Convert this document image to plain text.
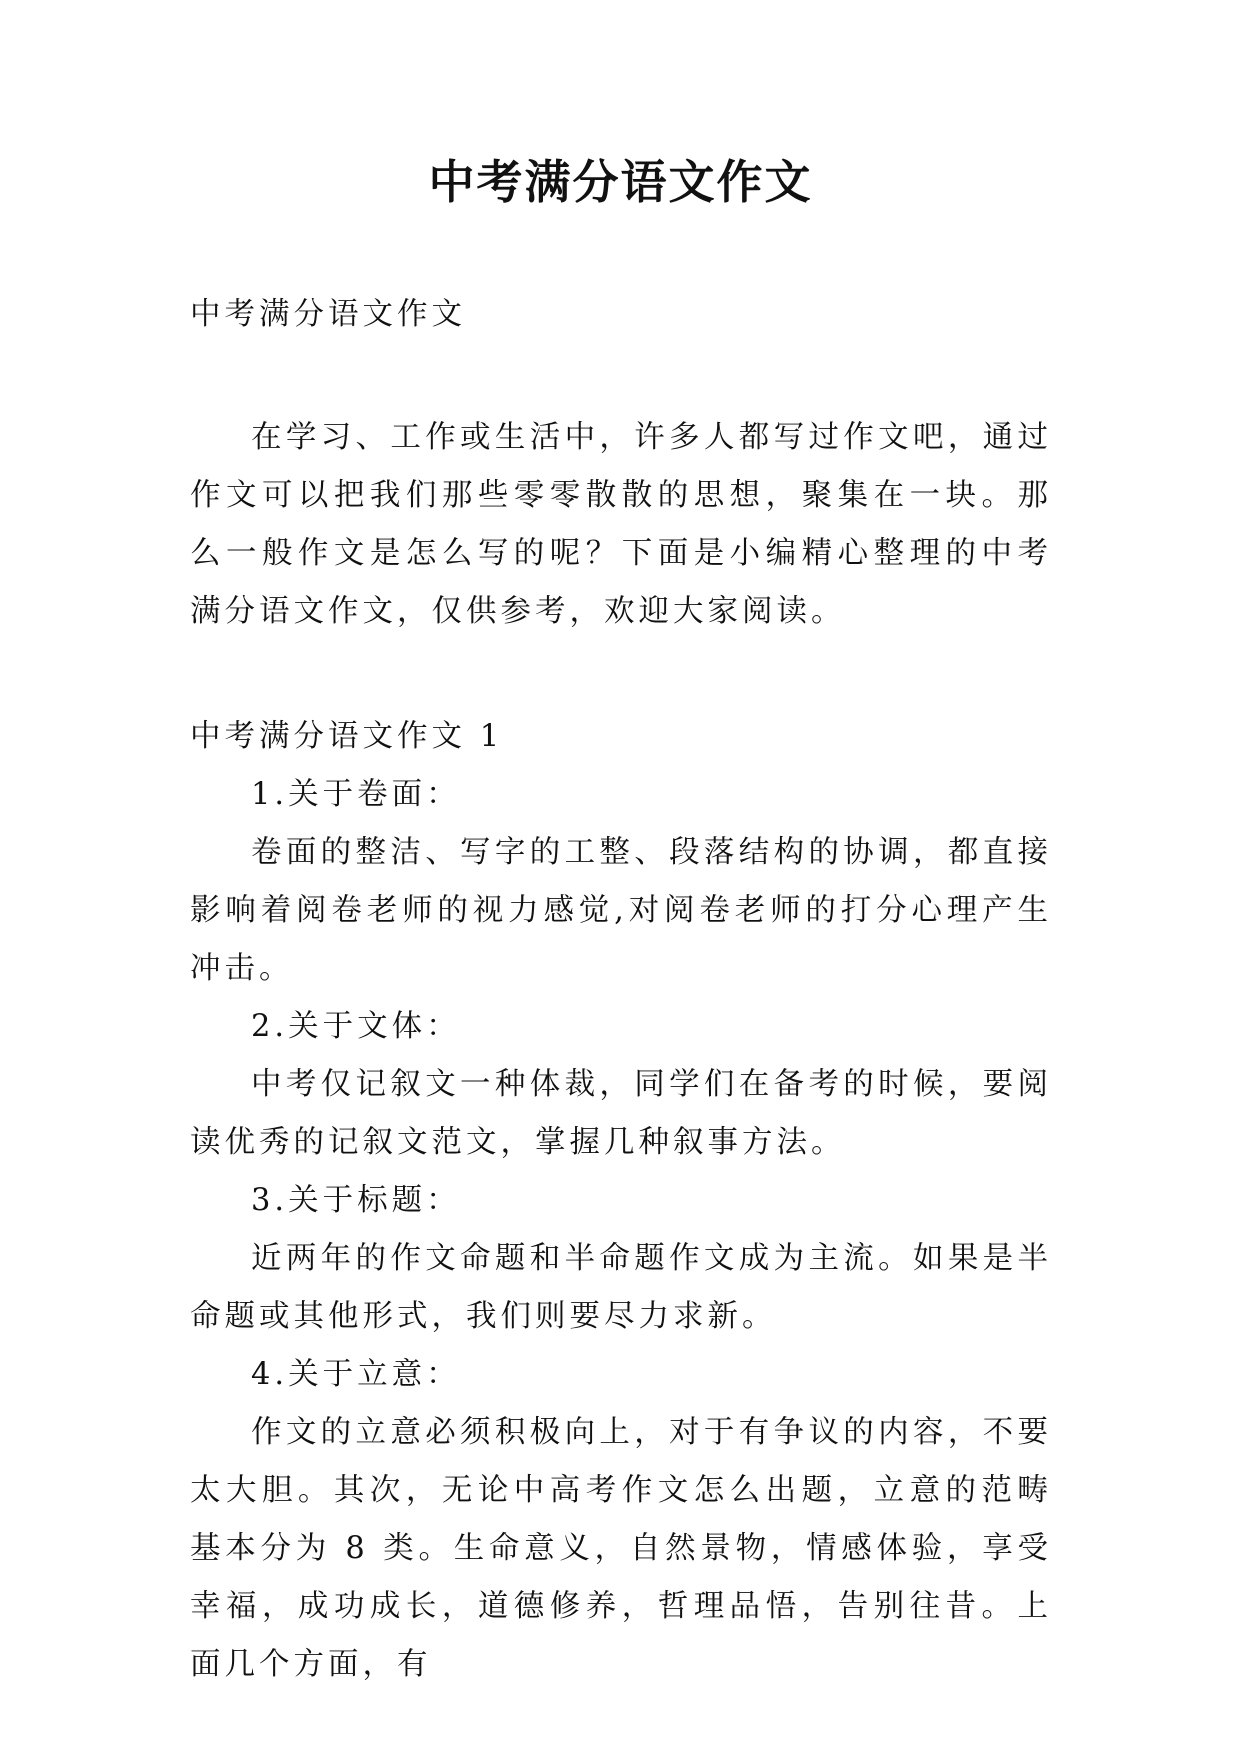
中考满分语文作文

中考满分语文作文

在学习、工作或生活中，许多人都写过作文吧，通过作文可以把我们那些零零散散的思想，聚集在一块。那么一般作文是怎么写的呢？下面是小编精心整理的中考满分语文作文，仅供参考，欢迎大家阅读。

中考满分语文作文 1

1.关于卷面：

卷面的整洁、写字的工整、段落结构的协调，都直接影响着阅卷老师的视力感觉,对阅卷老师的打分心理产生冲击。

2.关于文体：

中考仅记叙文一种体裁，同学们在备考的时候，要阅读优秀的记叙文范文，掌握几种叙事方法。

3.关于标题：

近两年的作文命题和半命题作文成为主流。如果是半命题或其他形式，我们则要尽力求新。

4.关于立意：

作文的立意必须积极向上，对于有争议的内容，不要太大胆。其次，无论中高考作文怎么出题，立意的范畴基本分为 8 类。生命意义，自然景物，情感体验，享受幸福，成功成长，道德修养，哲理品悟，告别往昔。上面几个方面，有
